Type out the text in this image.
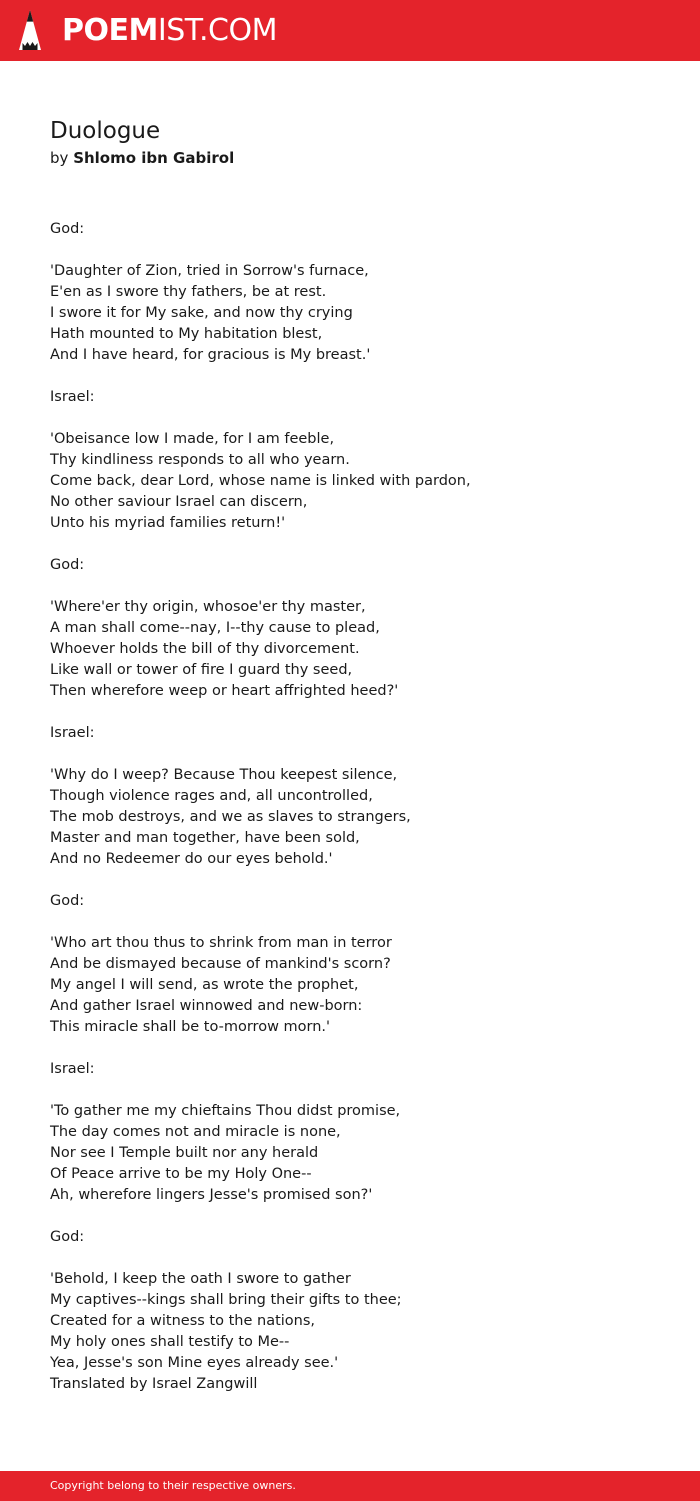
POEMIST.COM
Duologue
by Shlomo ibn Gabirol
God:
'Daughter of Zion, tried in Sorrow's furnace,
E'en as I swore thy fathers, be at rest.
I swore it for My sake, and now thy crying
Hath mounted to My habitation blest,
And I have heard, for gracious is My breast.'
Israel:
'Obeisance low I made, for I am feeble,
Thy kindliness responds to all who yearn.
Come back, dear Lord, whose name is linked with pardon,
No other saviour Israel can discern,
Unto his myriad families return!'
God:
'Where'er thy origin, whosoe'er thy master,
A man shall come--nay, I--thy cause to plead,
Whoever holds the bill of thy divorcement.
Like wall or tower of fire I guard thy seed,
Then wherefore weep or heart affrighted heed?'
Israel:
'Why do I weep? Because Thou keepest silence,
Though violence rages and, all uncontrolled,
The mob destroys, and we as slaves to strangers,
Master and man together, have been sold,
And no Redeemer do our eyes behold.'
God:
'Who art thou thus to shrink from man in terror
And be dismayed because of mankind's scorn?
My angel I will send, as wrote the prophet,
And gather Israel winnowed and new-born:
This miracle shall be to-morrow morn.'
Israel:
'To gather me my chieftains Thou didst promise,
The day comes not and miracle is none,
Nor see I Temple built nor any herald
Of Peace arrive to be my Holy One--
Ah, wherefore lingers Jesse's promised son?'
God:
'Behold, I keep the oath I swore to gather
My captives--kings shall bring their gifts to thee;
Created for a witness to the nations,
My holy ones shall testify to Me--
Yea, Jesse's son Mine eyes already see.'
Translated by Israel Zangwill
Copyright belong to their respective owners.
